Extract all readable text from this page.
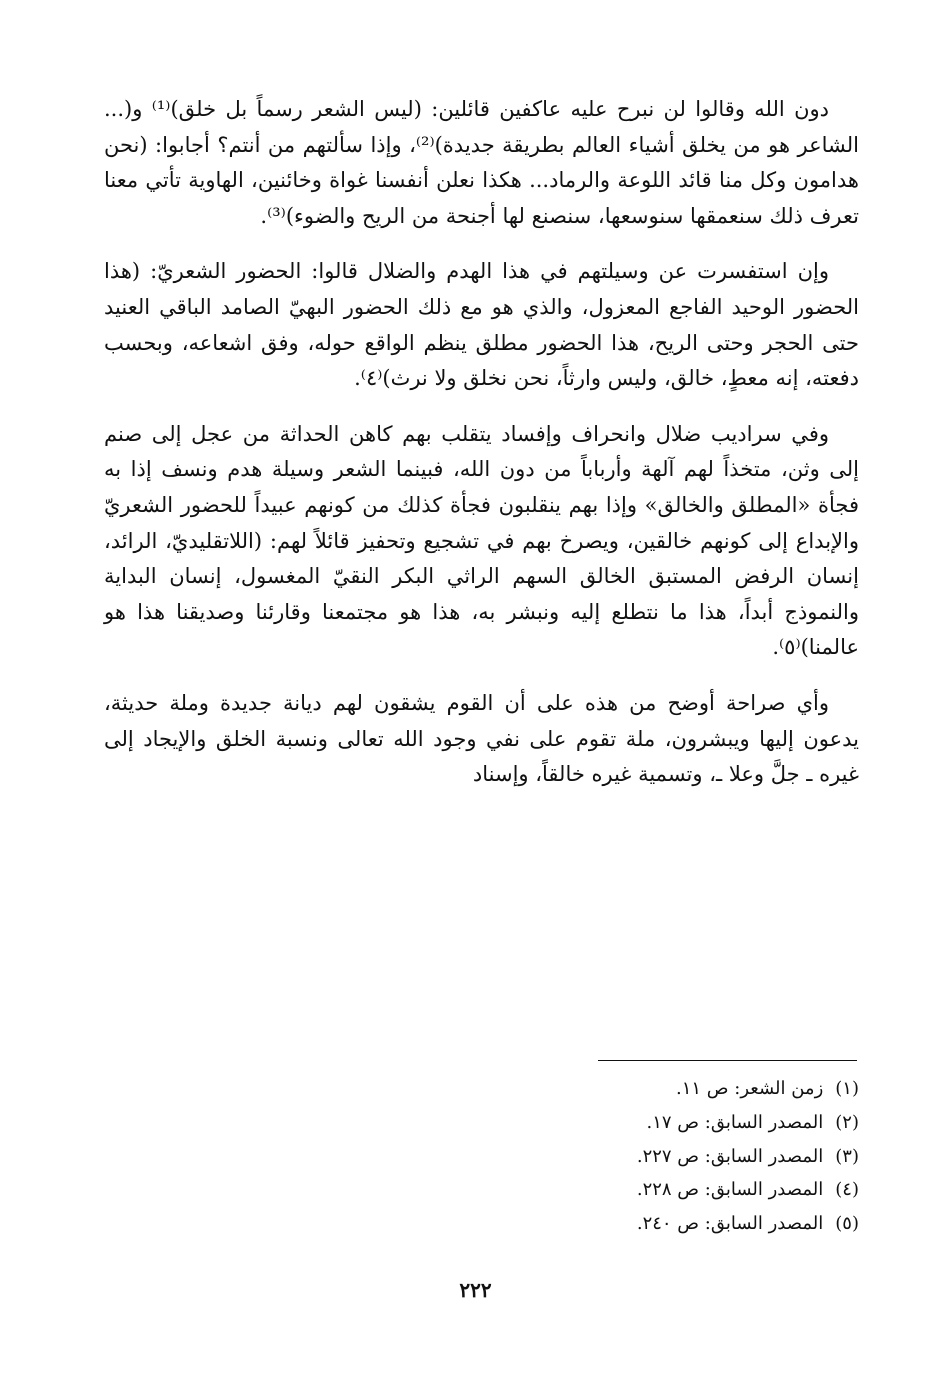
دون الله وقالوا لن نبرح عليه عاكفين قائلين: (ليس الشعر رسماً بل خلق)⁽¹⁾ و(... الشاعر هو من يخلق أشياء العالم بطريقة جديدة)⁽²⁾، وإذا سألتهم من أنتم؟ أجابوا: (نحن هدامون وكل منا قائد اللوعة والرماد... هكذا نعلن أنفسنا غواة وخائنين، الهاوية تأتي معنا تعرف ذلك سنعمقها سنوسعها، سنصنع لها أجنحة من الريح والضوء)⁽³⁾.

وإن استفسرت عن وسيلتهم في هذا الهدم والضلال قالوا: الحضور الشعريّ: (هذا الحضور الوحيد الفاجع المعزول، والذي هو مع ذلك الحضور البهيّ الصامد الباقي العنيد حتى الحجر وحتى الريح، هذا الحضور مطلق ينظم الواقع حوله، وفق اشعاعه، وبحسب دفعته، إنه معطٍ، خالق، وليس وارثاً، نحن نخلق ولا نرث)⁽٤⁾.

وفي سراديب ضلال وانحراف وإفساد يتقلب بهم كاهن الحداثة من عجل إلى صنم إلى وثن، متخذاً لهم آلهة وأرباباً من دون الله، فبينما الشعر وسيلة هدم ونسف إذا به فجأة «المطلق والخالق» وإذا بهم ينقلبون فجأة كذلك من كونهم عبيداً للحضور الشعريّ والإبداع إلى كونهم خالقين، ويصرخ بهم في تشجيع وتحفيز قائلاً لهم: (اللاتقليديّ، الرائد، إنسان الرفض المستبق الخالق السهم الراثي البكر النقيّ المغسول، إنسان البداية والنموذج أبداً، هذا ما نتطلع إليه ونبشر به، هذا هو مجتمعنا وقارئنا وصديقنا هذا هو عالمنا)⁽٥⁾.

وأي صراحة أوضح من هذه على أن القوم يشقون لهم ديانة جديدة وملة حديثة، يدعون إليها ويبشرون، ملة تقوم على نفي وجود الله تعالى ونسبة الخلق والإيجاد إلى غيره ـ جلَّ وعلا ـ، وتسمية غيره خالقاً، وإسناد

(١)زمن الشعر: ص ١١.
(٢)المصدر السابق: ص ١٧.
(٣)المصدر السابق: ص ٢٢٧.
(٤)المصدر السابق: ص ٢٢٨.
(٥)المصدر السابق: ص ٢٤٠.
٢٢٢
